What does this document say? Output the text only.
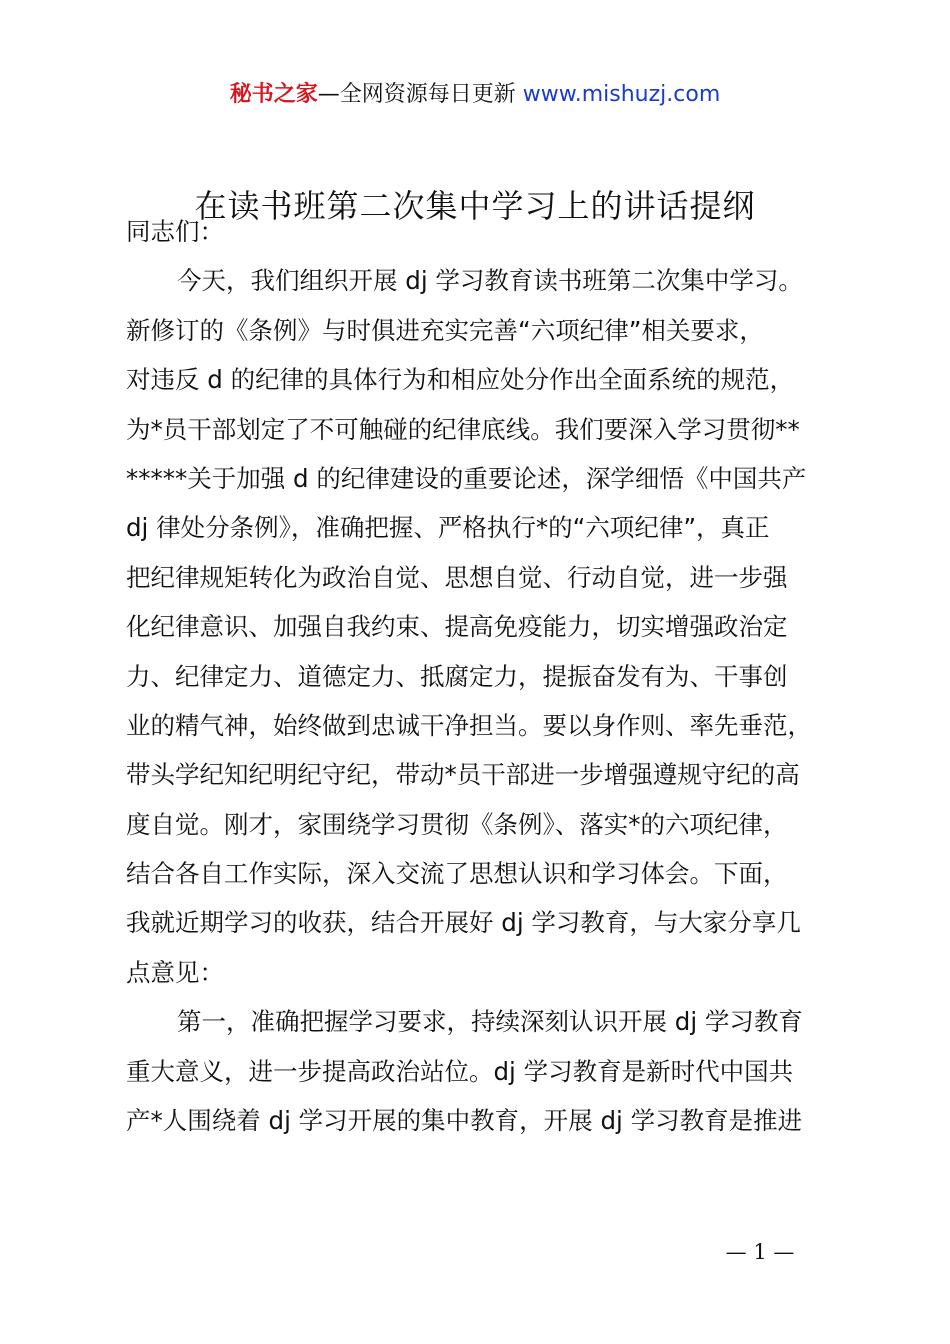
秘书之家—全网资源每日更新 www.mishuzj.com
在读书班第二次集中学习上的讲话提纲
同志们：
今天，我们组织开展 dj 学习教育读书班第二次集中学习。
新修订的《条例》与时俱进充实完善“六项纪律”相关要求，
对违反 d 的纪律的具体行为和相应处分作出全面系统的规范，
为*员干部划定了不可触碰的纪律底线。我们要深入学习贯彻**
*****关于加强 d 的纪律建设的重要论述，深学细悟《中国共产
dj 律处分条例》，准确把握、严格执行*的“六项纪律”，真正
把纪律规矩转化为政治自觉、思想自觉、行动自觉，进一步强
化纪律意识、加强自我约束、提高免疫能力，切实增强政治定
力、纪律定力、道德定力、抵腐定力，提振奋发有为、干事创
业的精气神，始终做到忠诚干净担当。要以身作则、率先垂范，
带头学纪知纪明纪守纪，带动*员干部进一步增强遵规守纪的高
度自觉。刚才，家围绕学习贯彻《条例》、落实*的六项纪律，
结合各自工作实际，深入交流了思想认识和学习体会。下面，
我就近期学习的收获，结合开展好 dj 学习教育，与大家分享几
点意见：
第一，准确把握学习要求，持续深刻认识开展 dj 学习教育
重大意义，进一步提高政治站位。dj 学习教育是新时代中国共
产*人围绕着 dj 学习开展的集中教育，开展 dj 学习教育是推进
— 1 —
